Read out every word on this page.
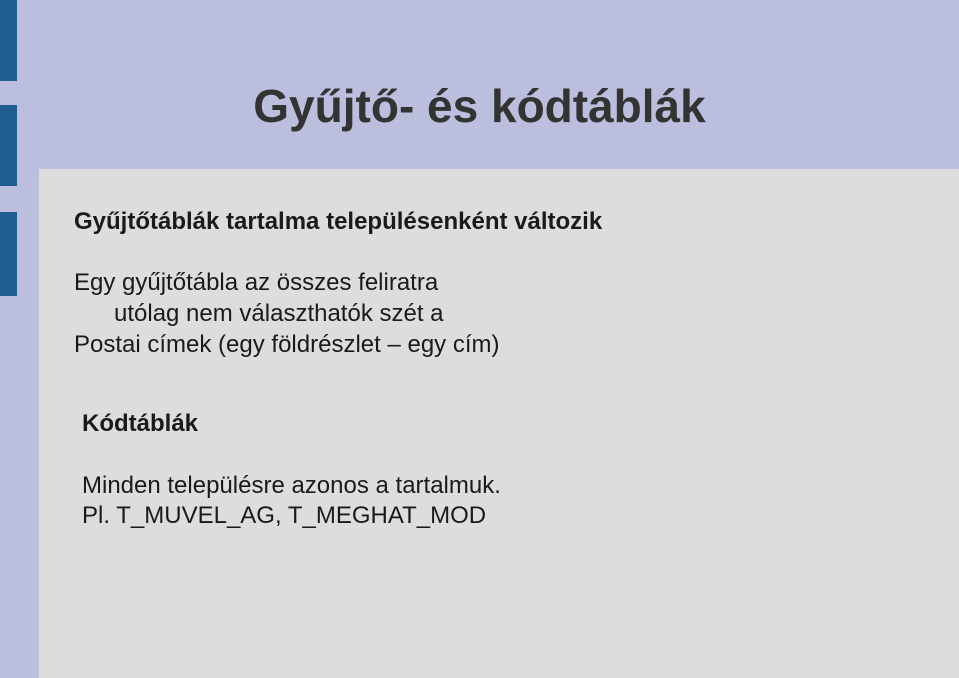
Gyűjtő- és kódtáblák
Gyűjtőtáblák tartalma településenként változik
Egy gyűjtőtábla az összes feliratra
utólag nem választhatók szét a
Postai címek (egy földrészlet – egy cím)
Kódtáblák
Minden településre azonos a tartalmuk.
Pl. T_MUVEL_AG, T_MEGHAT_MOD
